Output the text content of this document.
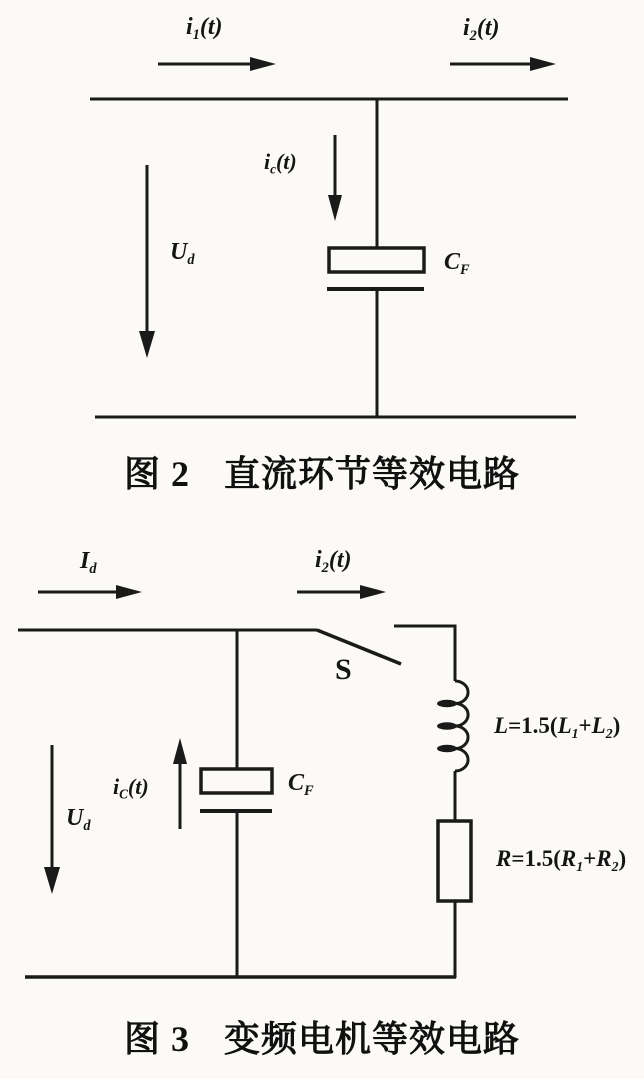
$i_1(t)$	$i_2(t)$
$i_c(t)$
$U_d$	$C_F$
图 2 直流环节等效电路
$I_d$	$i_2(t)$
S
$i_C(t)$	$C_F$
$U_d$
$L=1.5(L_1+L_2)$
$R=1.5(R_1+R_2)$
图 3 变频电机等效电路
